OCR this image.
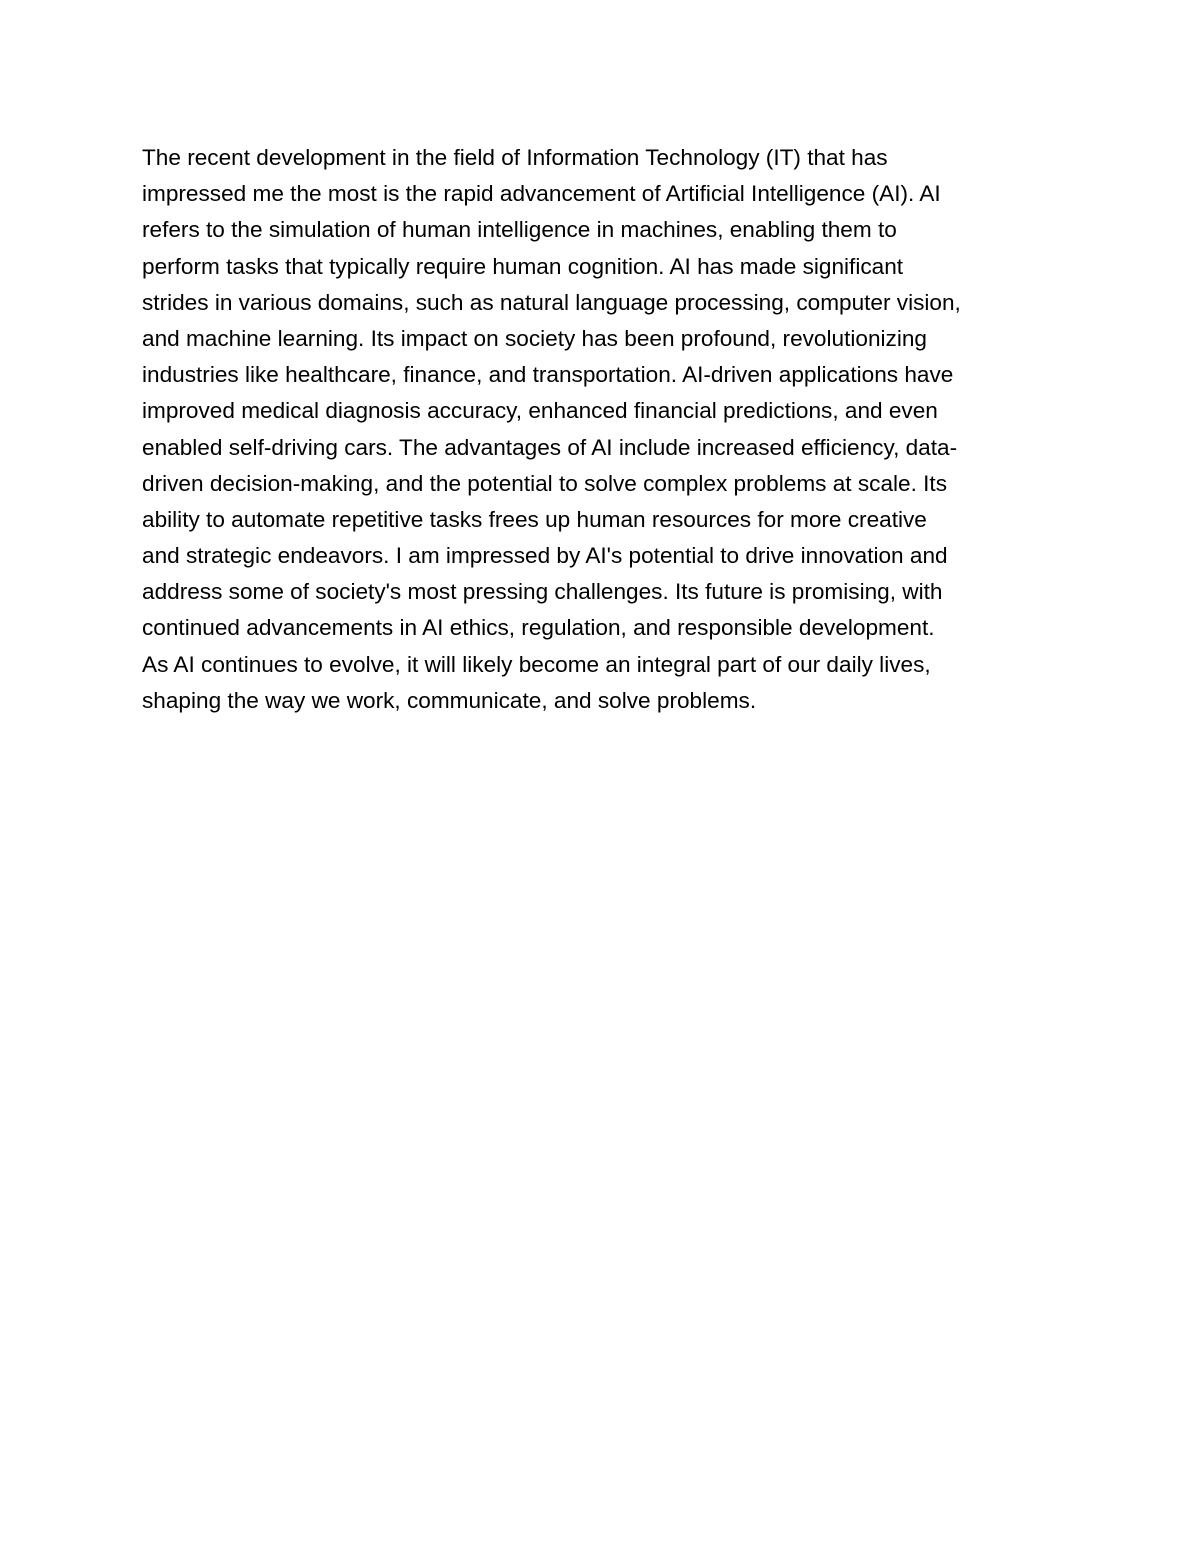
The recent development in the field of Information Technology (IT) that has
impressed me the most is the rapid advancement of Artificial Intelligence (AI). AI
refers to the simulation of human intelligence in machines, enabling them to
perform tasks that typically require human cognition. AI has made significant
strides in various domains, such as natural language processing, computer vision,
and machine learning. Its impact on society has been profound, revolutionizing
industries like healthcare, finance, and transportation. AI-driven applications have
improved medical diagnosis accuracy, enhanced financial predictions, and even
enabled self-driving cars. The advantages of AI include increased efficiency, data-
driven decision-making, and the potential to solve complex problems at scale. Its
ability to automate repetitive tasks frees up human resources for more creative
and strategic endeavors. I am impressed by AI's potential to drive innovation and
address some of society's most pressing challenges. Its future is promising, with
continued advancements in AI ethics, regulation, and responsible development.
As AI continues to evolve, it will likely become an integral part of our daily lives,
shaping the way we work, communicate, and solve problems.
